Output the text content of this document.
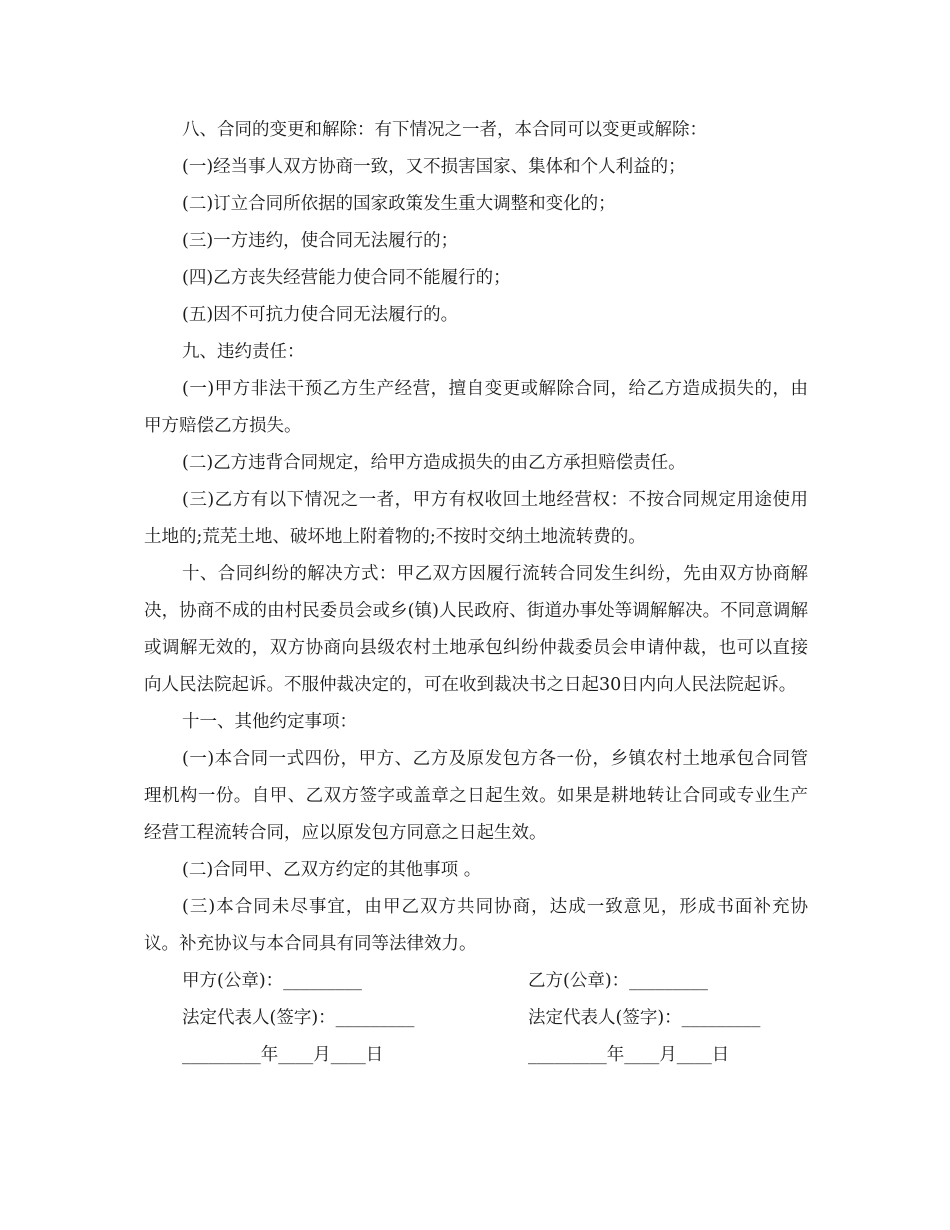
八、合同的变更和解除：有下情况之一者，本合同可以变更或解除：

(一)经当事人双方协商一致，又不损害国家、集体和个人利益的；

(二)订立合同所依据的国家政策发生重大调整和变化的；

(三)一方违约，使合同无法履行的；

(四)乙方丧失经营能力使合同不能履行的；

(五)因不可抗力使合同无法履行的。

九、违约责任：

(一)甲方非法干预乙方生产经营，擅自变更或解除合同，给乙方造成损失的，由甲方赔偿乙方损失。

(二)乙方违背合同规定，给甲方造成损失的由乙方承担赔偿责任。

(三)乙方有以下情况之一者，甲方有权收回土地经营权：不按合同规定用途使用土地的;荒芜土地、破坏地上附着物的;不按时交纳土地流转费的。

十、合同纠纷的解决方式：甲乙双方因履行流转合同发生纠纷，先由双方协商解决，协商不成的由村民委员会或乡(镇)人民政府、街道办事处等调解解决。不同意调解或调解无效的，双方协商向县级农村土地承包纠纷仲裁委员会申请仲裁，也可以直接向人民法院起诉。不服仲裁决定的，可在收到裁决书之日起30日内向人民法院起诉。

十一、其他约定事项：

(一)本合同一式四份，甲方、乙方及原发包方各一份，乡镇农村土地承包合同管理机构一份。自甲、乙双方签字或盖章之日起生效。如果是耕地转让合同或专业生产经营工程流转合同，应以原发包方同意之日起生效。

(二)合同甲、乙双方约定的其他事项 。

(三)本合同未尽事宜，由甲乙双方共同协商，达成一致意见，形成书面补充协议。补充协议与本合同具有同等法律效力。

甲方(公章)：_________	乙方(公章)：_________
法定代表人(签字)：_________	法定代表人(签字)：_________
_________年____月____日	_________年____月____日
